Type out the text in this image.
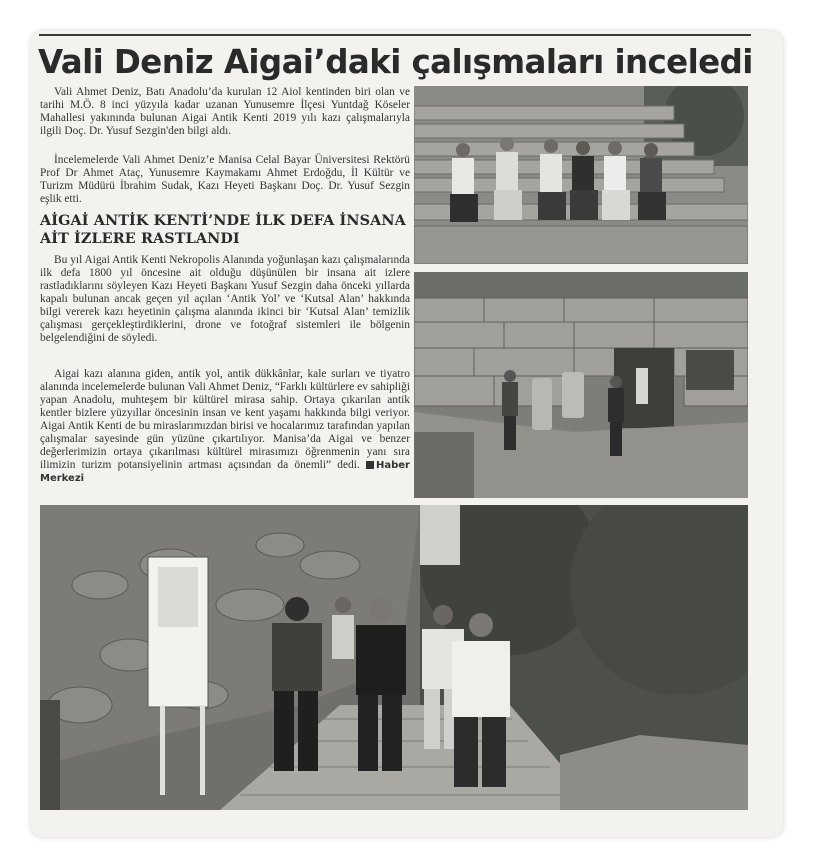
Vali Deniz Aigai’daki çalışmaları inceledi

Vali Ahmet Deniz, Batı Anadolu’da kurulan 12 Aiol kentinden biri olan ve tarihi M.Ö. 8 inci yüzyıla kadar uzanan Yunusemre İlçesi Yuntdağ Köseler Mahallesi yakınında bulunan Aigai Antik Kenti 2019 yılı kazı çalışmalarıyla ilgili Doç. Dr. Yusuf Sezgin'den bilgi aldı.

İncelemelerde Vali Ahmet Deniz’e Manisa Celal Bayar Üniversitesi Rektörü Prof Dr Ahmet Ataç, Yunusemre Kaymakamı Ahmet Erdoğdu, İl Kültür ve Turizm Müdürü İbrahim Sudak, Kazı Heyeti Başkanı Doç. Dr. Yusuf Sezgin eşlik etti.

AİGAİ ANTİK KENTİ’NDE İLK DEFA İNSANA AİT İZLERE RASTLANDI

Bu yıl Aigai Antik Kenti Nekropolis Alanında yoğunlaşan kazı çalışmalarında ilk defa 1800 yıl öncesine ait olduğu düşünülen bir insana ait izlere rastladıklarını söyleyen Kazı Heyeti Başkanı Yusuf Sezgin daha önceki yıllarda kapalı bulunan ancak geçen yıl açılan ‘Antik Yol’ ve ‘Kutsal Alan’ hakkında bilgi vererek kazı heyetinin çalışma alanında ikinci bir ‘Kutsal Alan’ temizlik çalışması gerçekleştirdiklerini, drone ve fotoğraf sistemleri ile bölgenin belgelendiğini de söyledi.

Aigai kazı alanına giden, antik yol, antik dükkânlar, kale surları ve tiyatro alanında incelemelerde bulunan Vali Ahmet Deniz, “Farklı kültürlere ev sahipliği yapan Anadolu, muhteşem bir kültürel mirasa sahip. Ortaya çıkarılan antik kentler bizlere yüzyıllar öncesinin insan ve kent yaşamı hakkında bilgi veriyor. Aigai Antik Kenti de bu miraslarımızdan birisi ve hocalarımız tarafından yapılan çalışmalar sayesinde gün yüzüne çıkartılıyor. Manisa’da Aigai ve benzer değerlerimizin ortaya çıkarılması kültürel mirasımızı öğrenmenin yanı sıra ilimizin turizm potansiyelinin artması açısından da önemli” dedi. Haber Merkezi
